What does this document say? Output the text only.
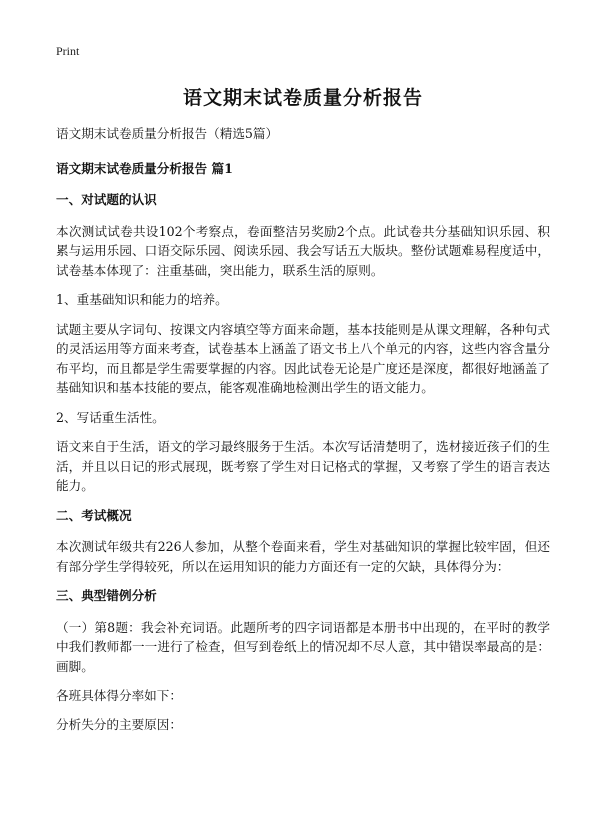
Print
语文期末试卷质量分析报告

语文期末试卷质量分析报告（精选5篇）

语文期末试卷质量分析报告 篇1

一、对试题的认识

本次测试试卷共设102个考察点，卷面整洁另奖励2个点。此试卷共分基础知识乐园、积累与运用乐园、口语交际乐园、阅读乐园、我会写话五大版块。整份试题难易程度适中，试卷基本体现了：注重基础，突出能力，联系生活的原则。

1、重基础知识和能力的培养。

试题主要从字词句、按课文内容填空等方面来命题，基本技能则是从课文理解，各种句式的灵活运用等方面来考查，试卷基本上涵盖了语文书上八个单元的内容，这些内容含量分布平均，而且都是学生需要掌握的内容。因此试卷无论是广度还是深度，都很好地涵盖了基础知识和基本技能的要点，能客观准确地检测出学生的语文能力。

2、写话重生活性。

语文来自于生活，语文的学习最终服务于生活。本次写话清楚明了，选材接近孩子们的生活，并且以日记的形式展现，既考察了学生对日记格式的掌握，又考察了学生的语言表达能力。

二、考试概况

本次测试年级共有226人参加，从整个卷面来看，学生对基础知识的掌握比较牢固，但还有部分学生学得较死，所以在运用知识的能力方面还有一定的欠缺，具体得分为：

三、典型错例分析

（一）第8题：我会补充词语。此题所考的四字词语都是本册书中出现的，在平时的教学中我们教师都一一进行了检查，但写到卷纸上的情况却不尽人意，其中错误率最高的是：画脚。

各班具体得分率如下：

分析失分的主要原因：
